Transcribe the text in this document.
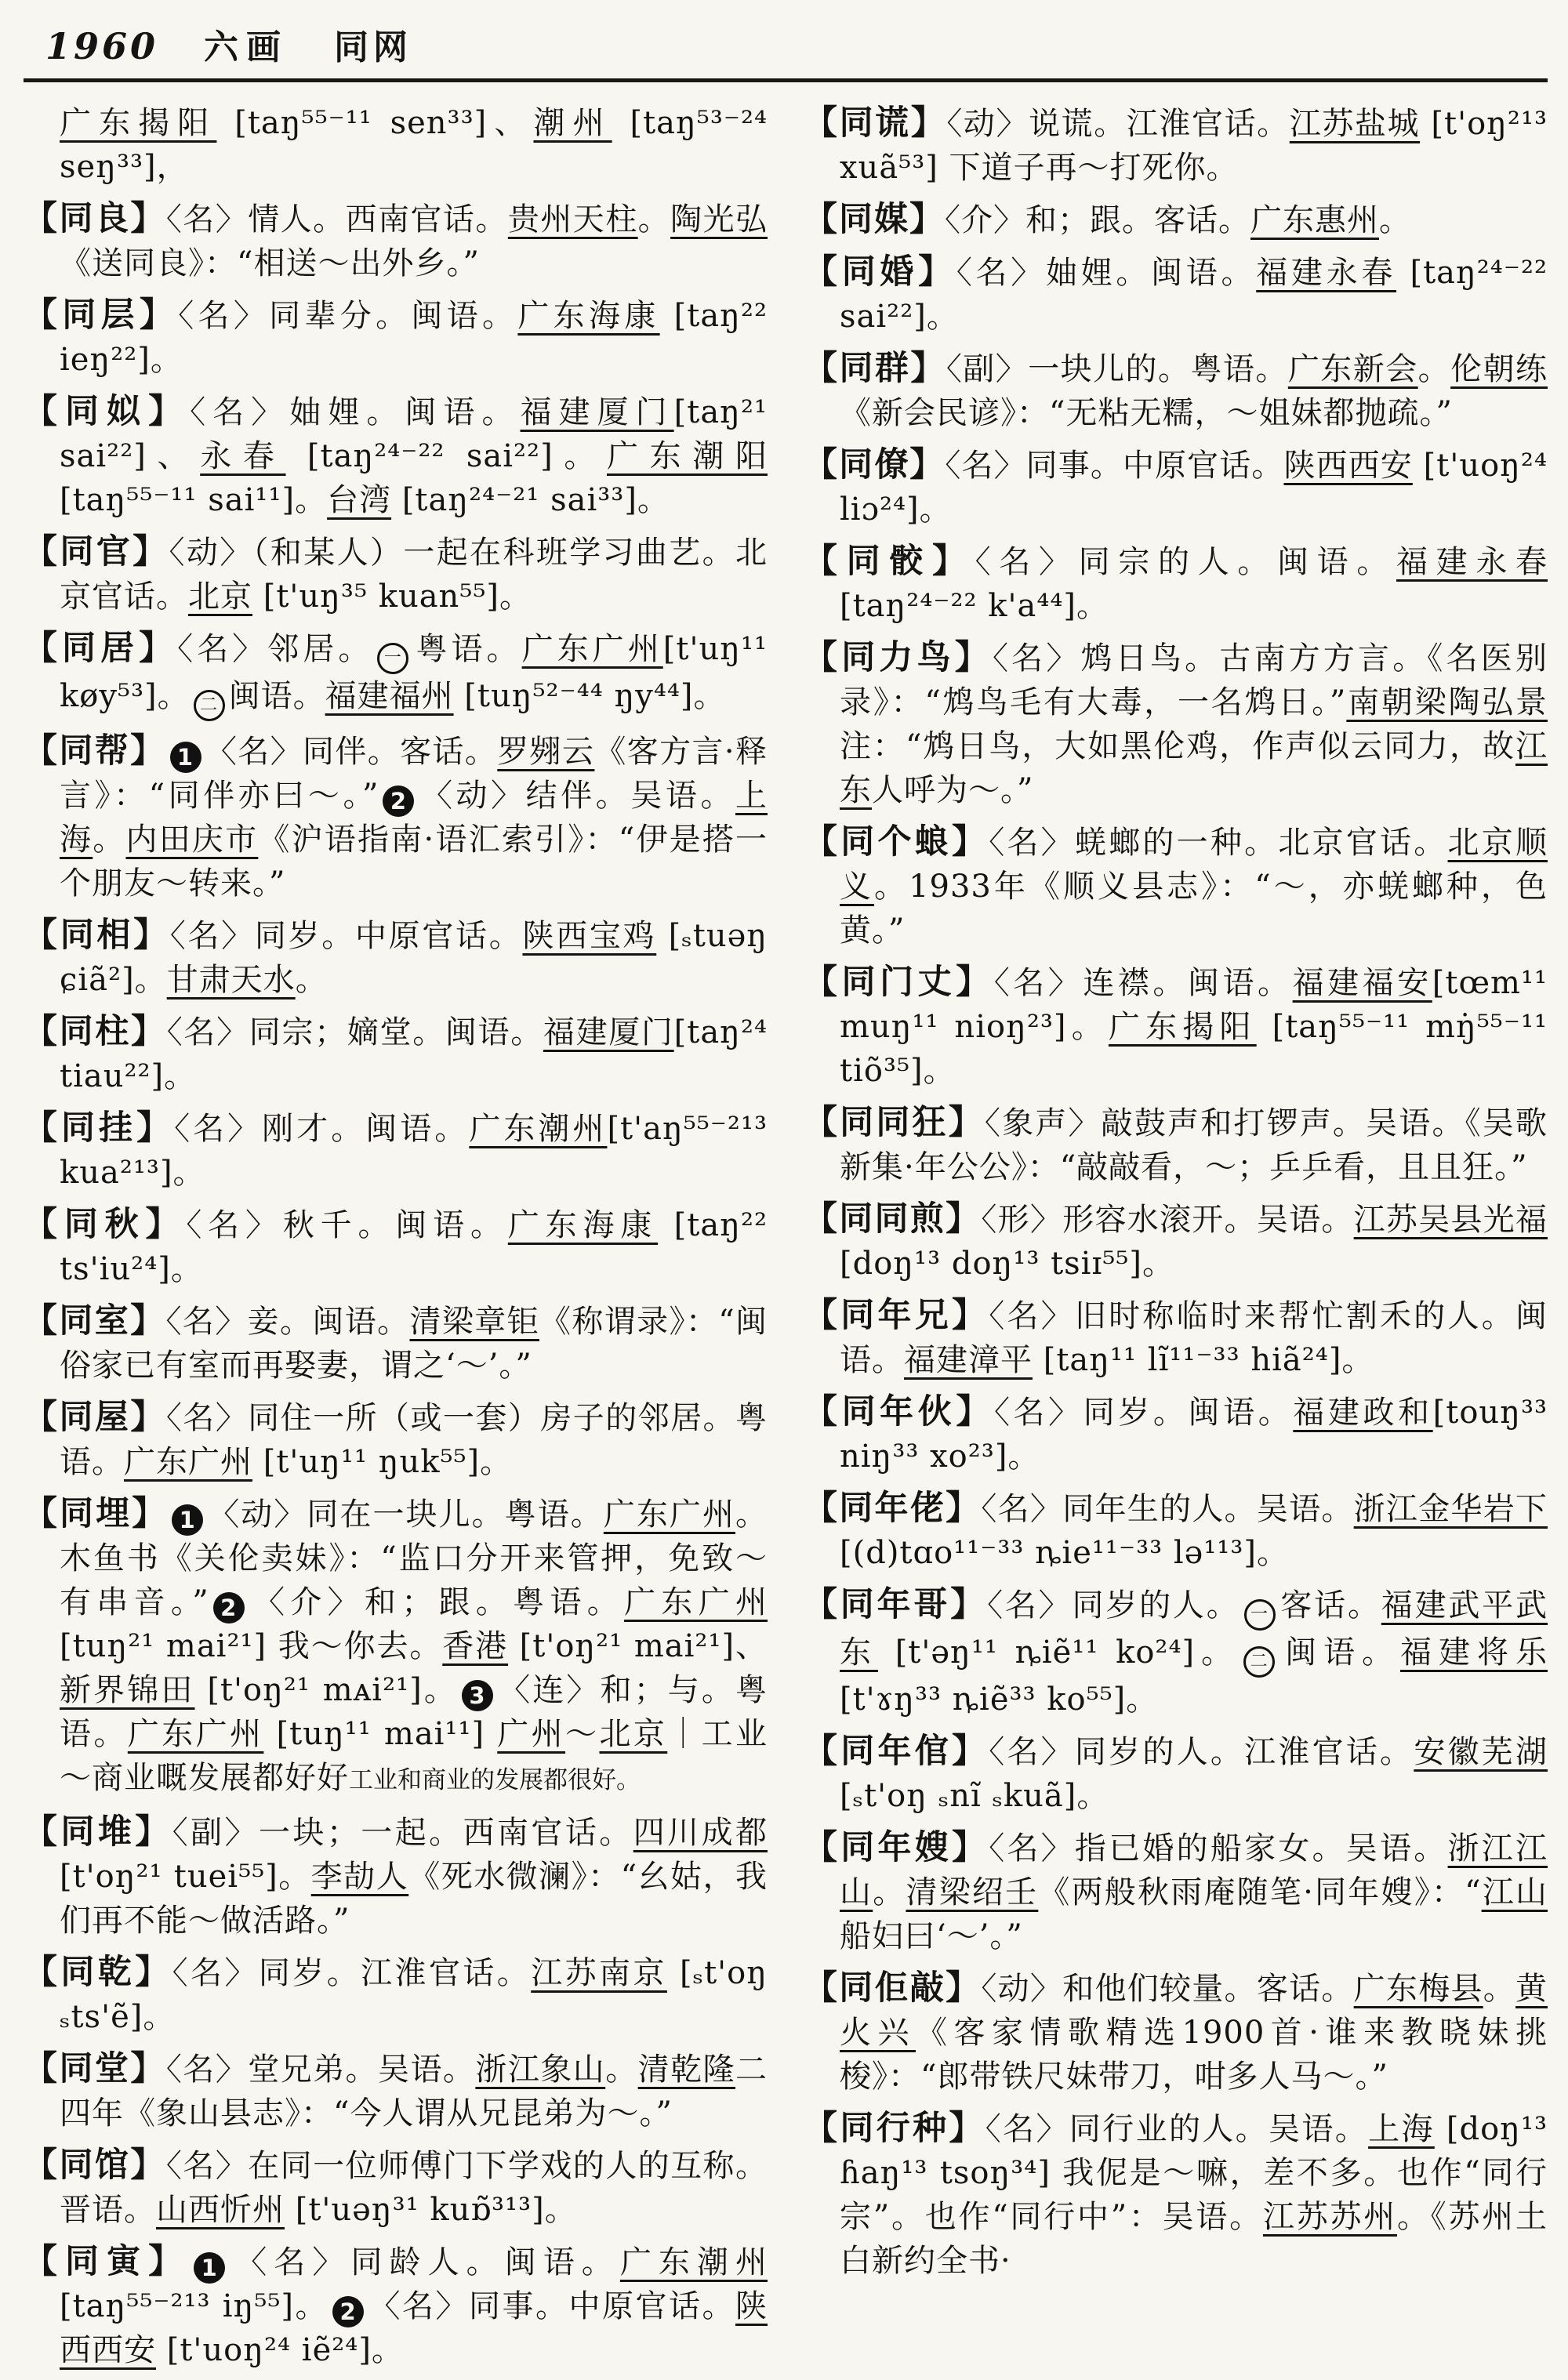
1960 六画 同网

广东揭阳 [taŋ⁵⁵⁻¹¹ sen³³]、潮州 [taŋ⁵³⁻²⁴ seŋ³³]，

【同良】〈名〉情人。西南官话。贵州天柱。陶光弘《送同良》：“相送～出外乡。”

【同层】〈名〉同辈分。闽语。广东海康 [taŋ²² ieŋ²²]。

【同姒】〈名〉妯娌。闽语。福建厦门[taŋ²¹ sai²²]、永春 [taŋ²⁴⁻²² sai²²]。广东潮阳 [taŋ⁵⁵⁻¹¹ sai¹¹]。台湾 [taŋ²⁴⁻²¹ sai³³]。

【同官】〈动〉（和某人）一起在科班学习曲艺。北京官话。北京 [t'uŋ³⁵ kuan⁵⁵]。

【同居】〈名〉邻居。 一 粤语。广东广州[t'uŋ¹¹ køy⁵³]。 二 闽语。福建福州 [tuŋ⁵²⁻⁴⁴ ŋy⁴⁴]。

【同帮】 1 〈名〉同伴。客话。罗翙云《客方言·释言》：“同伴亦曰～。” 2 〈动〉结伴。吴语。上海。内田庆市《沪语指南·语汇索引》：“伊是搭一个朋友～转来。”

【同相】〈名〉同岁。中原官话。陕西宝鸡 [ₛtuəŋ ɕiã²]。甘肃天水。

【同柱】〈名〉同宗；嫡堂。闽语。福建厦门[taŋ²⁴ tiau²²]。

【同挂】〈名〉刚才。闽语。广东潮州[t'aŋ⁵⁵⁻²¹³ kua²¹³]。

【同秋】〈名〉秋千。闽语。广东海康 [taŋ²² ts'iu²⁴]。

【同室】〈名〉妾。闽语。清梁章钜《称谓录》：“闽俗家已有室而再娶妻，谓之‘～’。”

【同屋】〈名〉同住一所（或一套）房子的邻居。粤语。广东广州 [t'uŋ¹¹ ŋuk⁵⁵]。

【同埋】 1 〈动〉同在一块儿。粤语。广东广州。木鱼书《关伦卖妹》：“监口分开来管押，免致～有串音。” 2 〈介〉和；跟。粤语。广东广州 [tuŋ²¹ mai²¹] 我～你去。香港 [t'oŋ²¹ mai²¹]、新界锦田 [t'oŋ²¹ mᴀi²¹]。 3 〈连〉和；与。粤语。广东广州 [tuŋ¹¹ mai¹¹] 广州～北京｜工业～商业嘅发展都好好工业和商业的发展都很好。

【同堆】〈副〉一块；一起。西南官话。四川成都[t'oŋ²¹ tuei⁵⁵]。李劼人《死水微澜》：“幺姑，我们再不能～做活路。”

【同乾】〈名〉同岁。江淮官话。江苏南京 [ₛt'oŋ ₛts'ẽ]。

【同堂】〈名〉堂兄弟。吴语。浙江象山。清乾隆二四年《象山县志》：“今人谓从兄昆弟为～。”

【同馆】〈名〉在同一位师傅门下学戏的人的互称。晋语。山西忻州 [t'uəŋ³¹ kuɒ̃³¹³]。

【同寅】 1 〈名〉同龄人。闽语。广东潮州 [taŋ⁵⁵⁻²¹³ iŋ⁵⁵]。 2 〈名〉同事。中原官话。陕西西安 [t'uoŋ²⁴ iẽ²⁴]。

【同谎】〈动〉说谎。江淮官话。江苏盐城 [t'oŋ²¹³ xuã⁵³] 下道子再～打死你。

【同媒】〈介〉和；跟。客话。广东惠州。

【同婚】〈名〉妯娌。闽语。福建永春 [taŋ²⁴⁻²² sai²²]。

【同群】〈副〉一块儿的。粤语。广东新会。伦朝练《新会民谚》：“无粘无糯，～姐妹都抛疏。”

【同僚】〈名〉同事。中原官话。陕西西安 [t'uoŋ²⁴ liɔ²⁴]。

【同骹】〈名〉同宗的人。闽语。福建永春 [taŋ²⁴⁻²² k'a⁴⁴]。

【同力鸟】〈名〉鸩日鸟。古南方方言。《名医别录》：“鸩鸟毛有大毒，一名鸩日。”南朝梁陶弘景注：“鸩日鸟，大如黑伦鸡，作声似云同力，故江东人呼为～。”

【同个蜋】〈名〉蜣螂的一种。北京官话。北京顺义。1933年《顺义县志》：“～，亦蜣螂种，色黄。”

【同门丈】〈名〉连襟。闽语。福建福安[tœm¹¹ muŋ¹¹ nioŋ²³]。广东揭阳 [taŋ⁵⁵⁻¹¹ mŋ̇⁵⁵⁻¹¹ tiõ³⁵]。

【同同狂】〈象声〉敲鼓声和打锣声。吴语。《吴歌新集·年公公》：“敲敲看，～；乒乒看，且且狂。”

【同同煎】〈形〉形容水滚开。吴语。江苏吴县光福 [doŋ¹³ doŋ¹³ tsiɪ⁵⁵]。

【同年兄】〈名〉旧时称临时来帮忙割禾的人。闽语。福建漳平 [taŋ¹¹ lĩ¹¹⁻³³ hiã²⁴]。

【同年伙】〈名〉同岁。闽语。福建政和[touŋ³³ niŋ³³ xo²³]。

【同年佬】〈名〉同年生的人。吴语。浙江金华岩下 [(d)tɑo¹¹⁻³³ ȵie¹¹⁻³³ lə¹¹³]。

【同年哥】〈名〉同岁的人。 一 客话。福建武平武东 [t'əŋ¹¹ ȵiẽ¹¹ ko²⁴]。 二 闽语。福建将乐 [t'ɤŋ³³ ȵiẽ³³ ko⁵⁵]。

【同年倌】〈名〉同岁的人。江淮官话。安徽芜湖 [ₛt'oŋ ₛnĩ ₛkuã]。

【同年嫂】〈名〉指已婚的船家女。吴语。浙江江山。清梁绍壬《两般秋雨庵随笔·同年嫂》：“江山船妇曰‘～’。”

【同佢敲】〈动〉和他们较量。客话。广东梅县。黄火兴《客家情歌精选1900首·谁来教晓妹挑梭》：“郎带铁尺妹带刀，咁多人马～。”

【同行种】〈名〉同行业的人。吴语。上海 [doŋ¹³ ɦaŋ¹³ tsoŋ³⁴] 我伲是～嘛，差不多。也作“同行宗”。也作“同行中”：吴语。江苏苏州。《苏州土白新约全书·
